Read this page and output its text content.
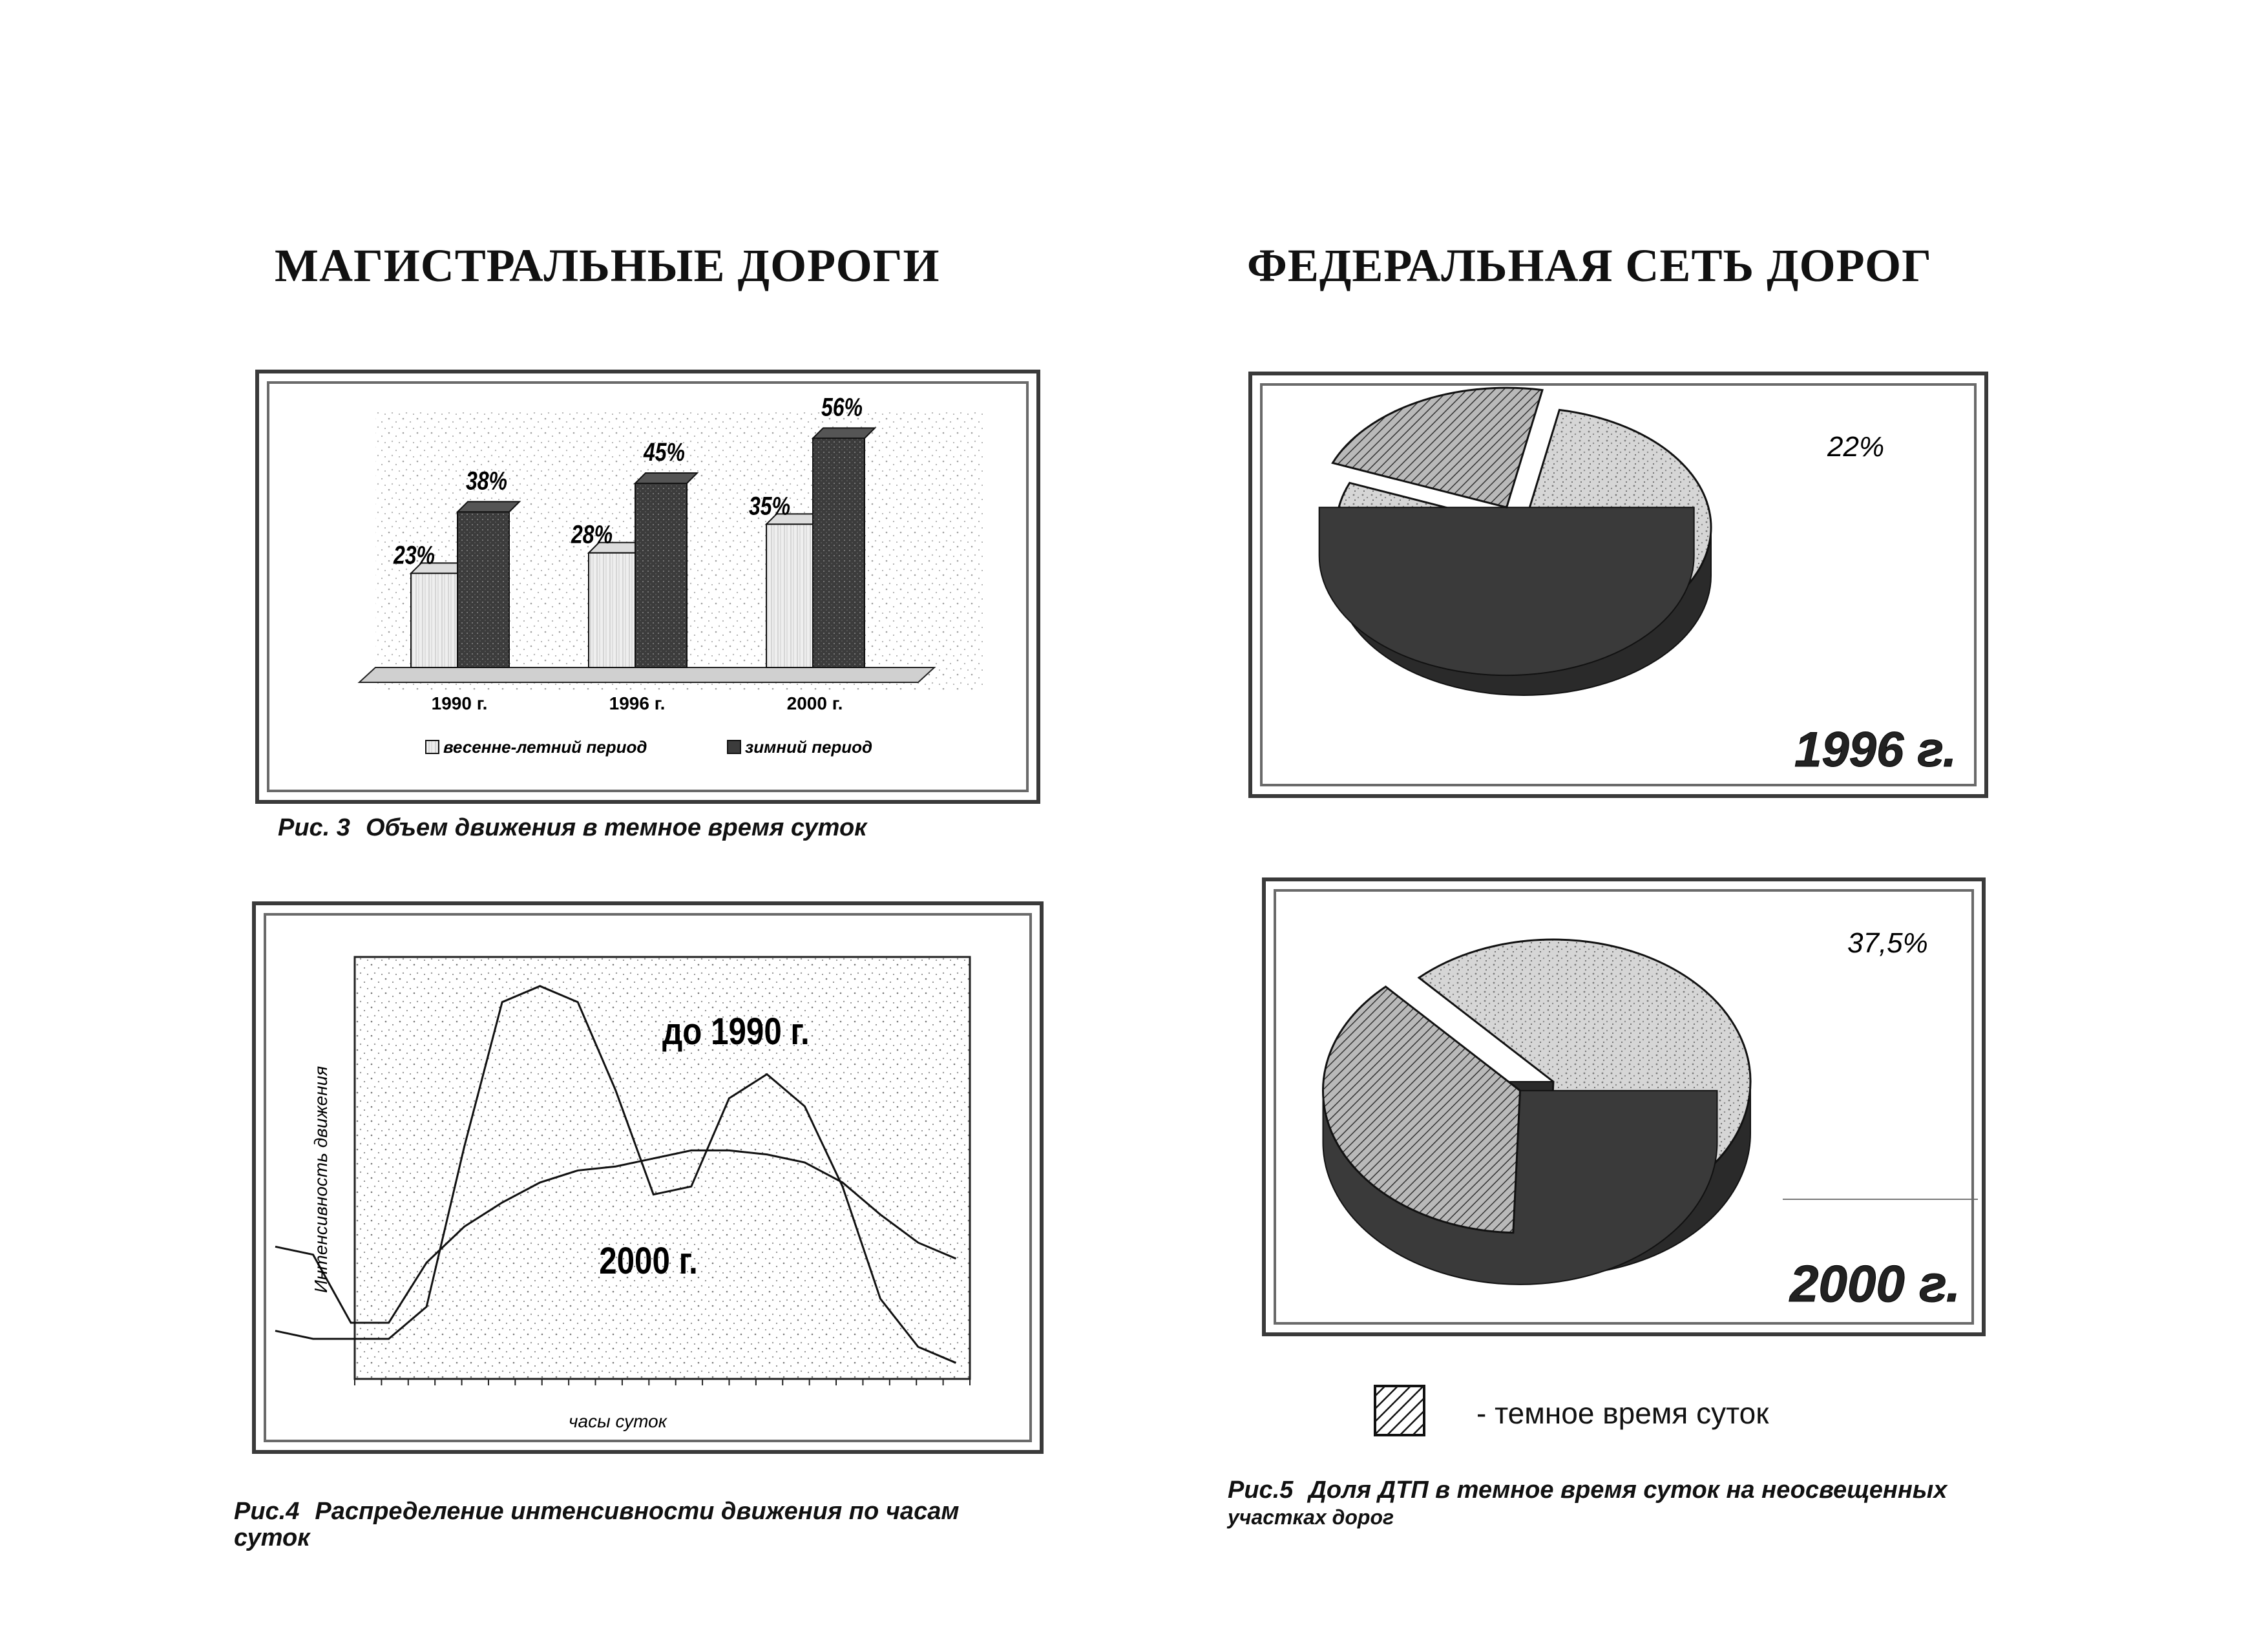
МАГИСТРАЛЬНЫЕ ДОРОГИ	ФЕДЕРАЛЬНАЯ СЕТЬ ДОРОГ
23%
38%
28%
45%
35%
56%
1990 г.	1996 г.	2000 г.
весенне-летний период	зимний период
Рис. 3 Объем движения в темное время суток
до 1990 г.
2000 г.
Интенсивность движения
часы суток
Рис.4 Распределение интенсивности движения по часам
суток
22%
1996 г.
37,5%
2000 г.
- темное время суток
Рис.5 Доля ДТП в темное время суток на неосвещенных
участках дорог
